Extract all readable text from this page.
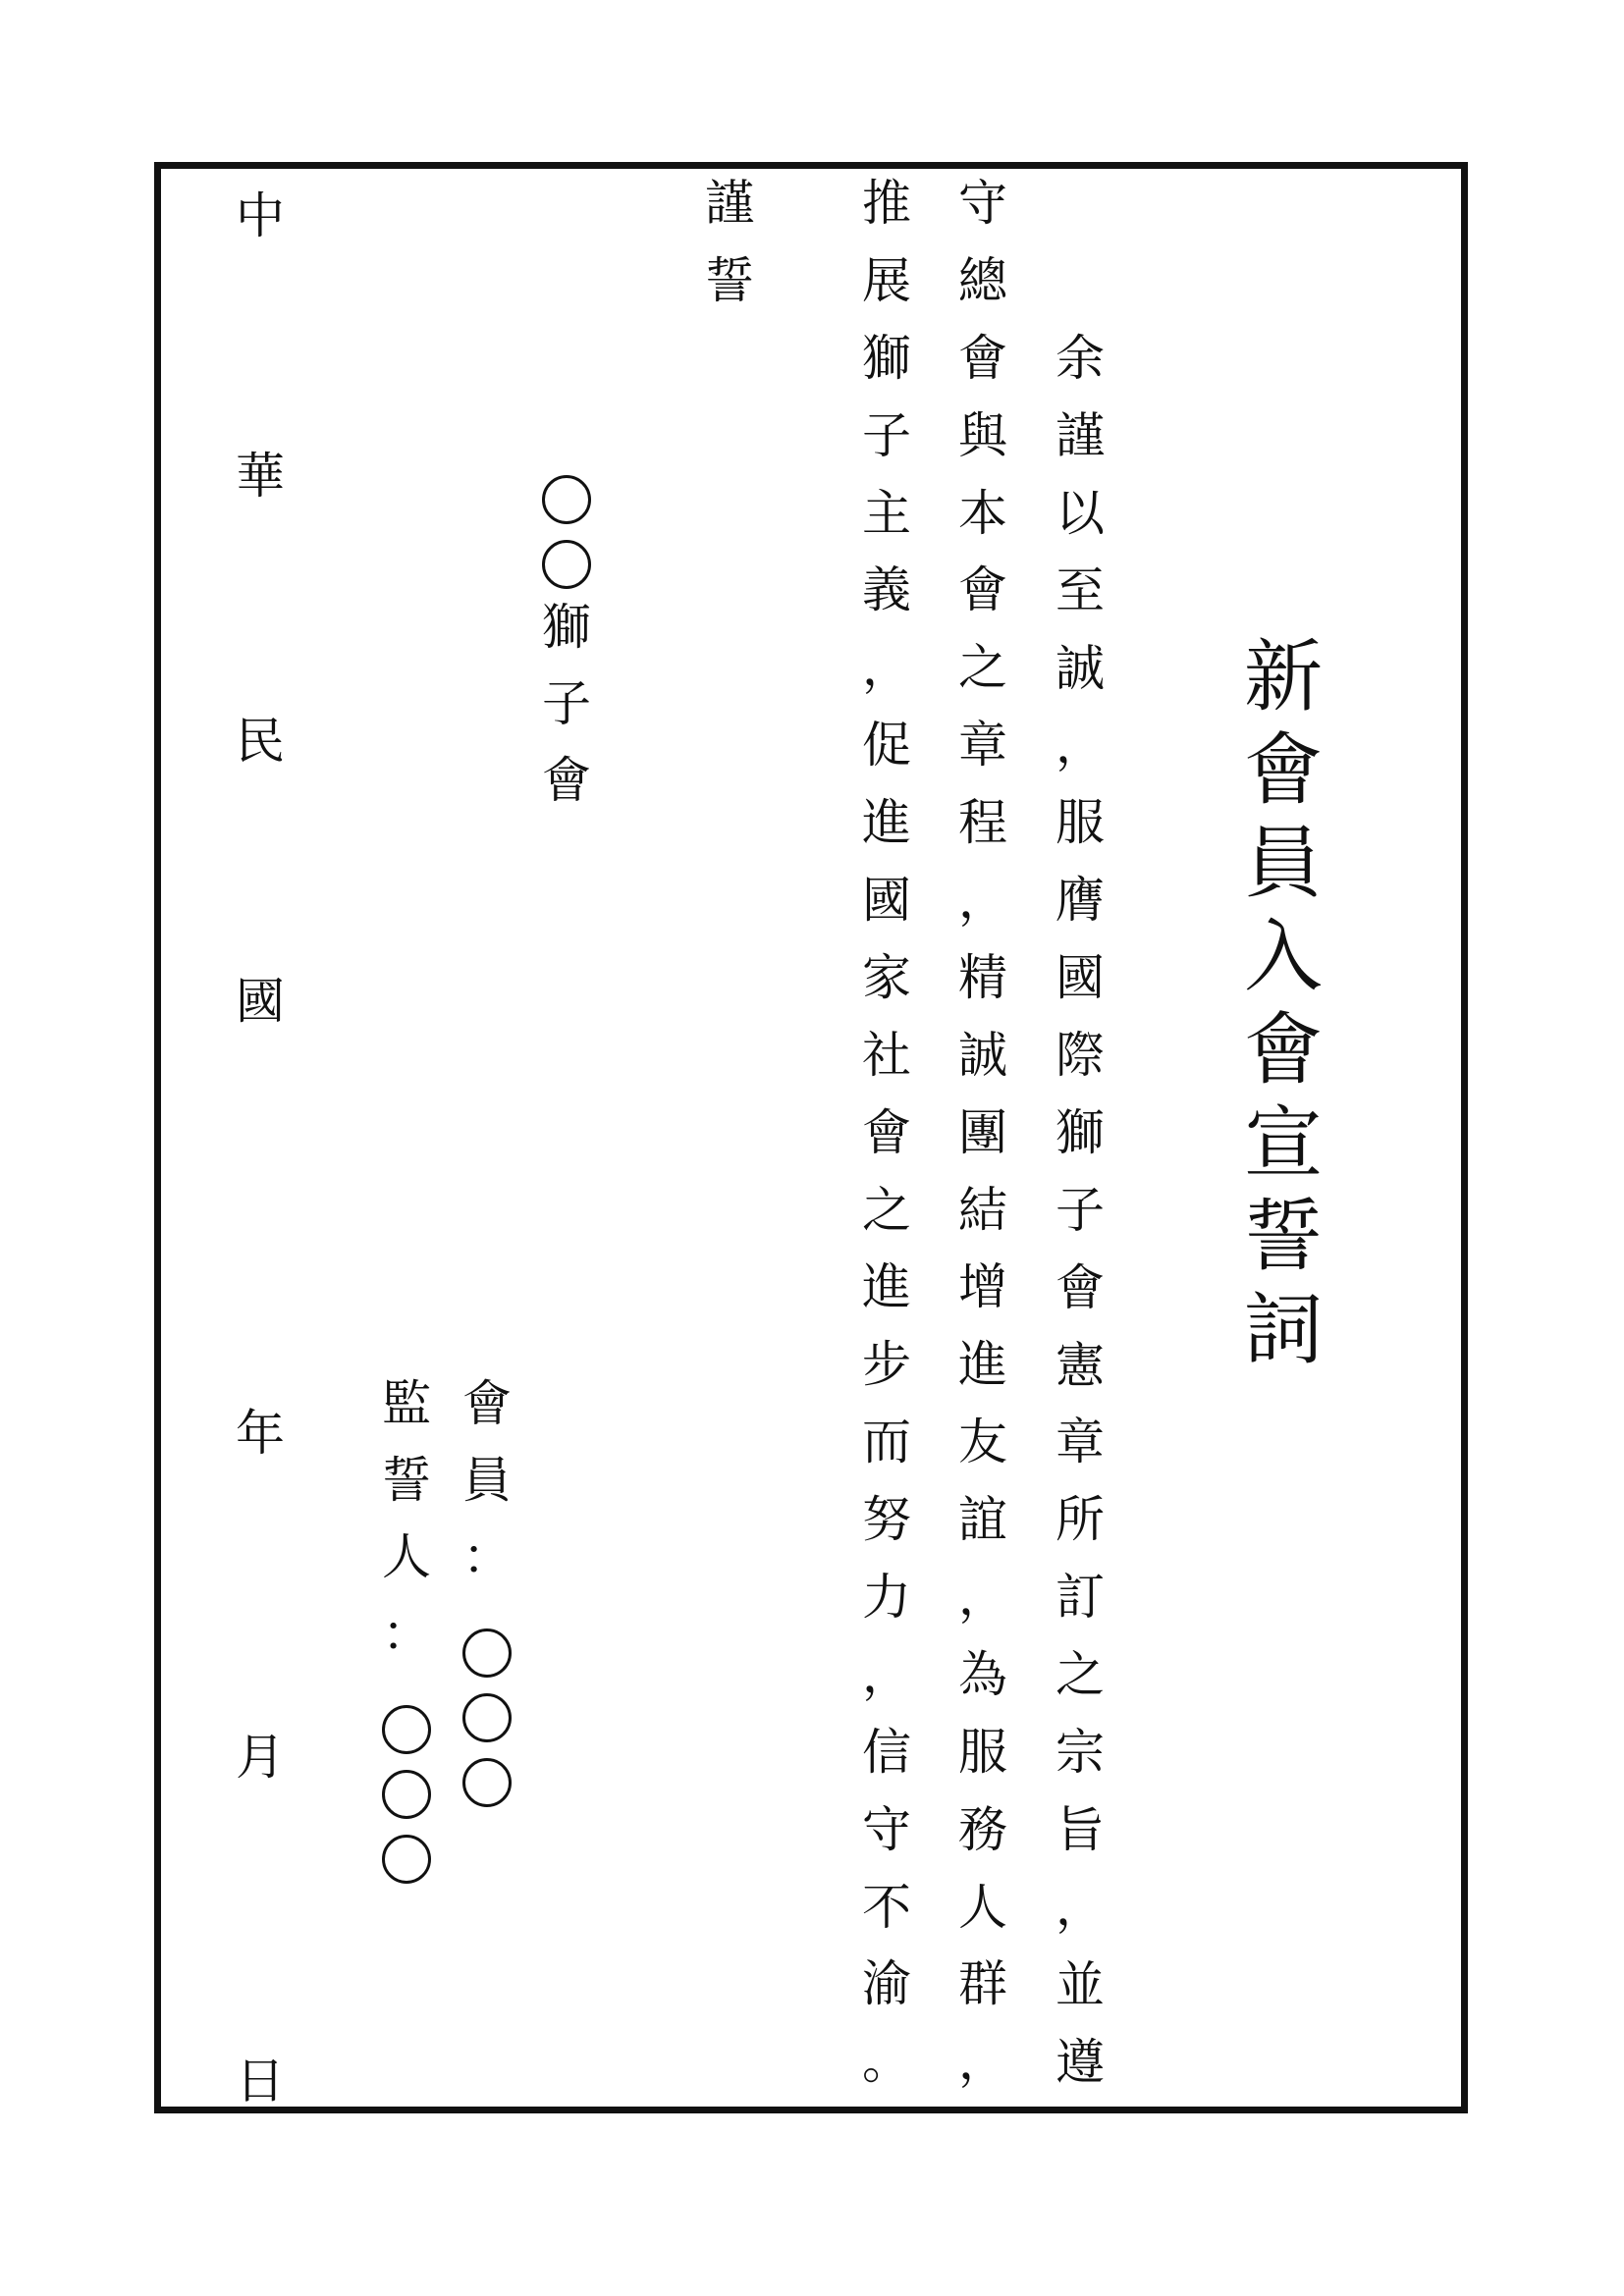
新
會
員
入
會
宣
誓
詞
余
謹
以
至
誠
，
服
膺
國
際
獅
子
會
憲
章
所
訂
之
宗
旨
，
並
遵
守
總
會
與
本
會
之
章
程
，
精
誠
團
結
增
進
友
誼
，
為
服
務
人
群
，
推
展
獅
子
主
義
，
促
進
國
家
社
會
之
進
步
而
努
力
，
信
守
不
渝
。
謹
誓
獅
子
會
會
員
：
監
誓
人
：
中
華
民
國
年
月
日
